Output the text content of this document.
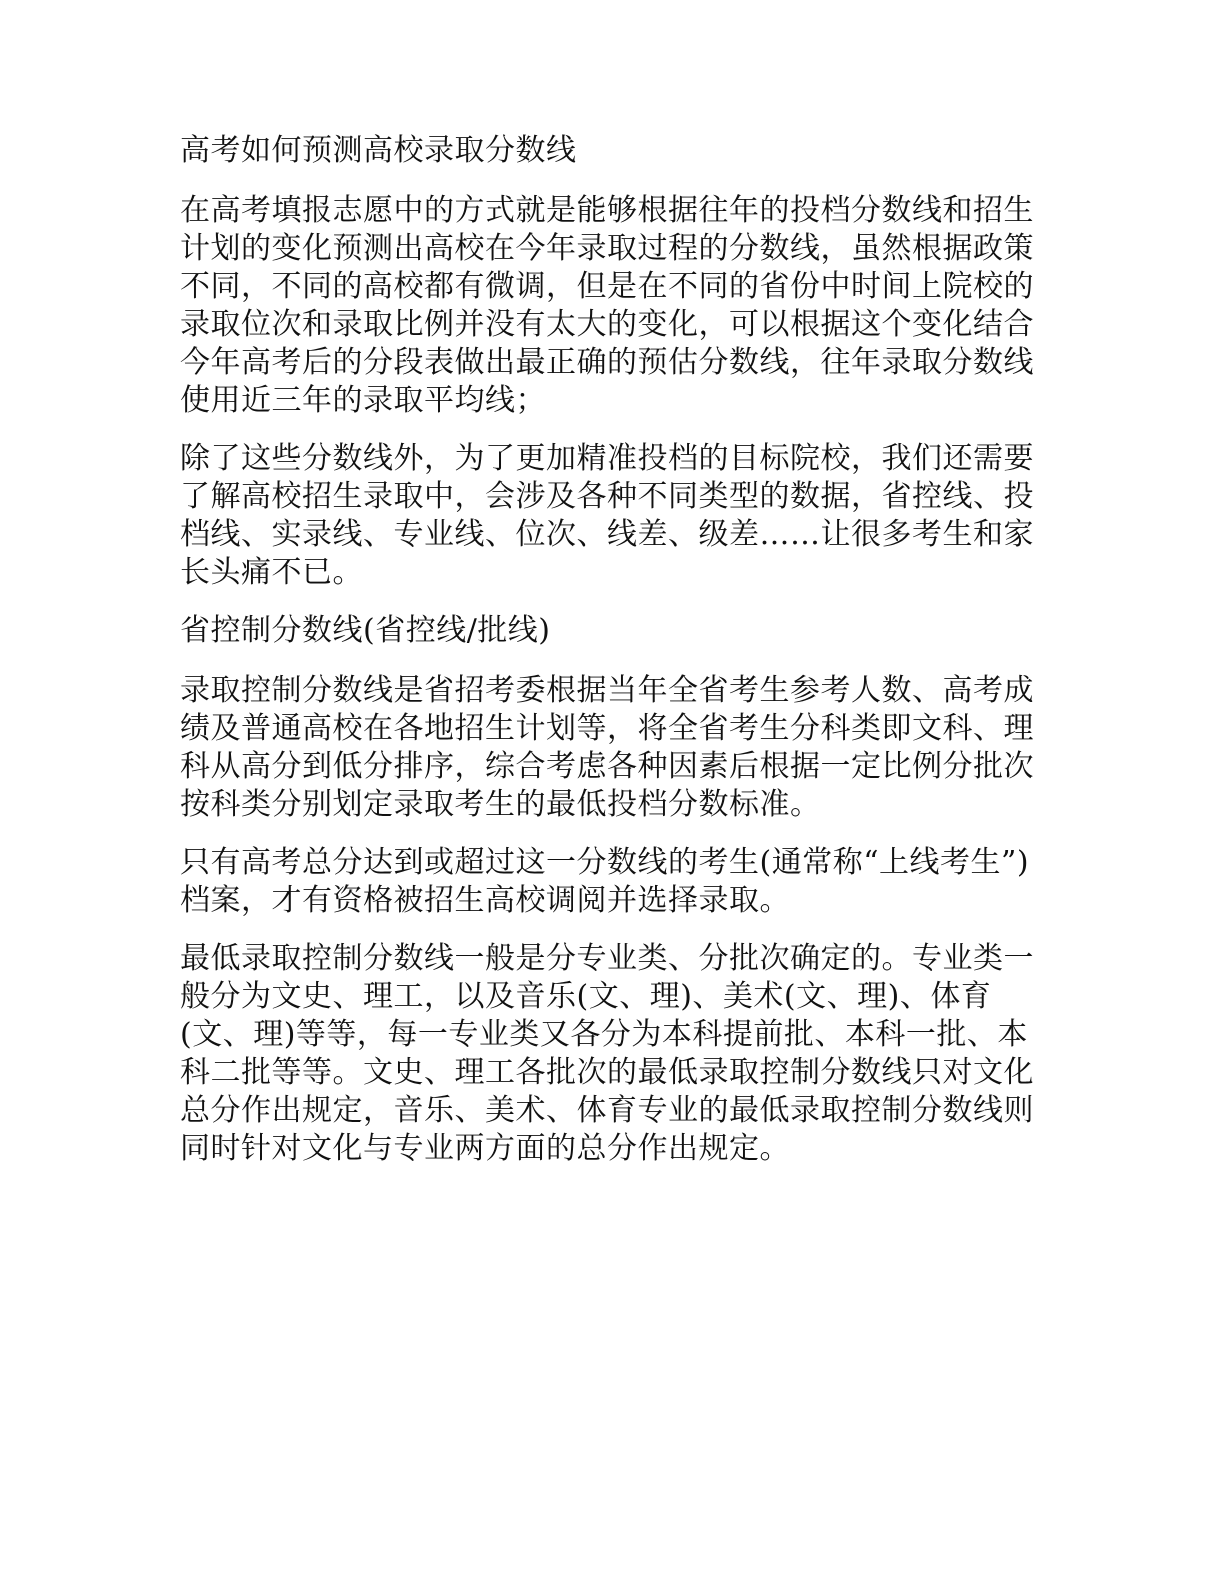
高考如何预测高校录取分数线

在高考填报志愿中的方式就是能够根据往年的投档分数线和招生计划的变化预测出高校在今年录取过程的分数线，虽然根据政策不同，不同的高校都有微调，但是在不同的省份中时间上院校的录取位次和录取比例并没有太大的变化，可以根据这个变化结合今年高考后的分段表做出最正确的预估分数线，往年录取分数线使用近三年的录取平均线；

除了这些分数线外，为了更加精准投档的目标院校，我们还需要了解高校招生录取中，会涉及各种不同类型的数据，省控线、投档线、实录线、专业线、位次、线差、级差……让很多考生和家长头痛不已。

省控制分数线(省控线/批线)

录取控制分数线是省招考委根据当年全省考生参考人数、高考成绩及普通高校在各地招生计划等，将全省考生分科类即文科、理科从高分到低分排序，综合考虑各种因素后根据一定比例分批次按科类分别划定录取考生的最低投档分数标准。

只有高考总分达到或超过这一分数线的考生(通常称“上线考生”)档案，才有资格被招生高校调阅并选择录取。

最低录取控制分数线一般是分专业类、分批次确定的。专业类一般分为文史、理工，以及音乐(文、理)、美术(文、理)、体育(文、理)等等，每一专业类又各分为本科提前批、本科一批、本科二批等等。文史、理工各批次的最低录取控制分数线只对文化总分作出规定，音乐、美术、体育专业的最低录取控制分数线则同时针对文化与专业两方面的总分作出规定。
